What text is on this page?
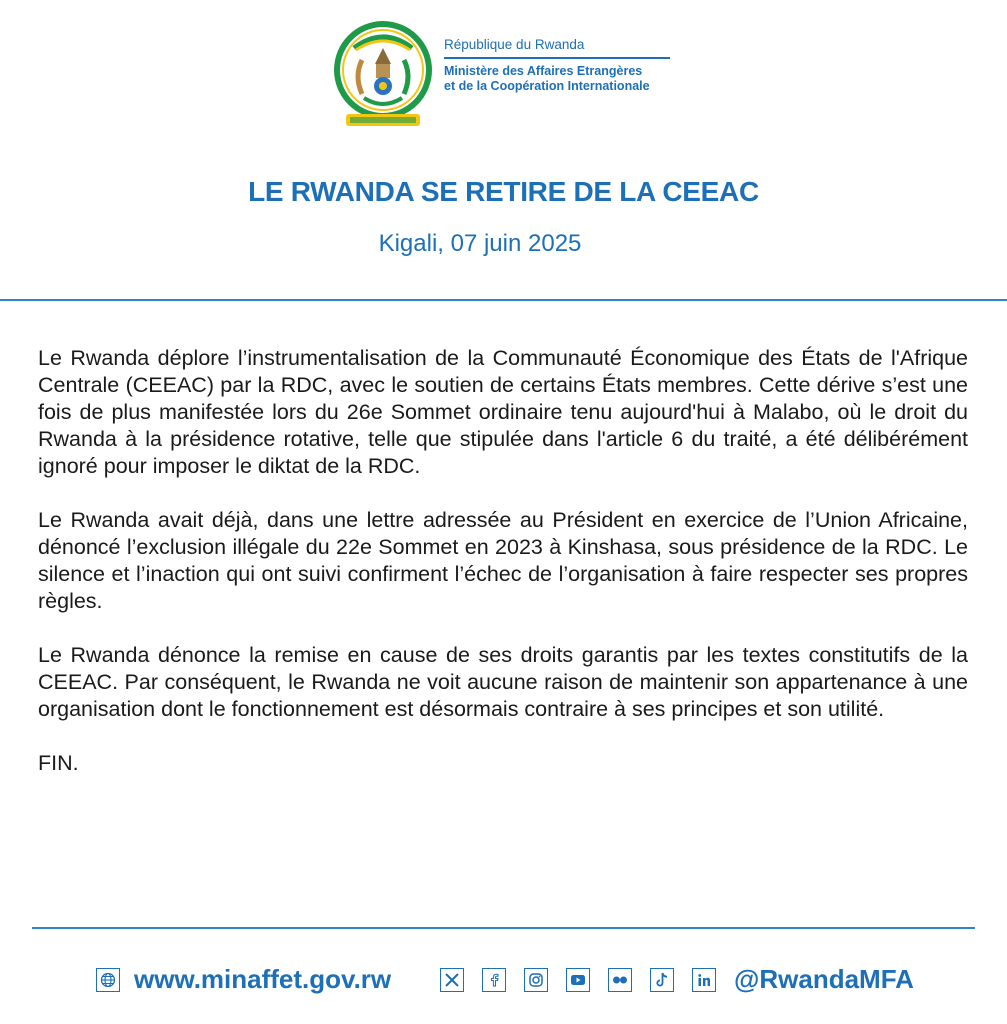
République du Rwanda
Ministère des Affaires Etrangères
et de la Coopération Internationale
LE RWANDA SE RETIRE DE LA CEEAC
Kigali, 07 juin 2025

Le Rwanda déplore l’instrumentalisation de la Communauté Économique des États de l'Afrique Centrale (CEEAC) par la RDC, avec le soutien de certains États membres. Cette dérive s’est une fois de plus manifestée lors du 26e Sommet ordinaire tenu aujourd'hui à Malabo, où le droit du Rwanda à la présidence rotative, telle que stipulée dans l'article 6 du traité, a été délibérément ignoré pour imposer le diktat de la RDC.

Le Rwanda avait déjà, dans une lettre adressée au Président en exercice de l’Union Africaine, dénoncé l’exclusion illégale du 22e Sommet en 2023 à Kinshasa, sous présidence de la RDC. Le silence et l’inaction qui ont suivi confirment l’échec de l’organisation à faire respecter ses propres règles.

Le Rwanda dénonce la remise en cause de ses droits garantis par les textes constitutifs de la CEEAC. Par conséquent, le Rwanda ne voit aucune raison de maintenir son appartenance à une organisation dont le fonctionnement est désormais contraire à ses principes et son utilité.

FIN.

www.minaffet.gov.rw	@RwandaMFA
